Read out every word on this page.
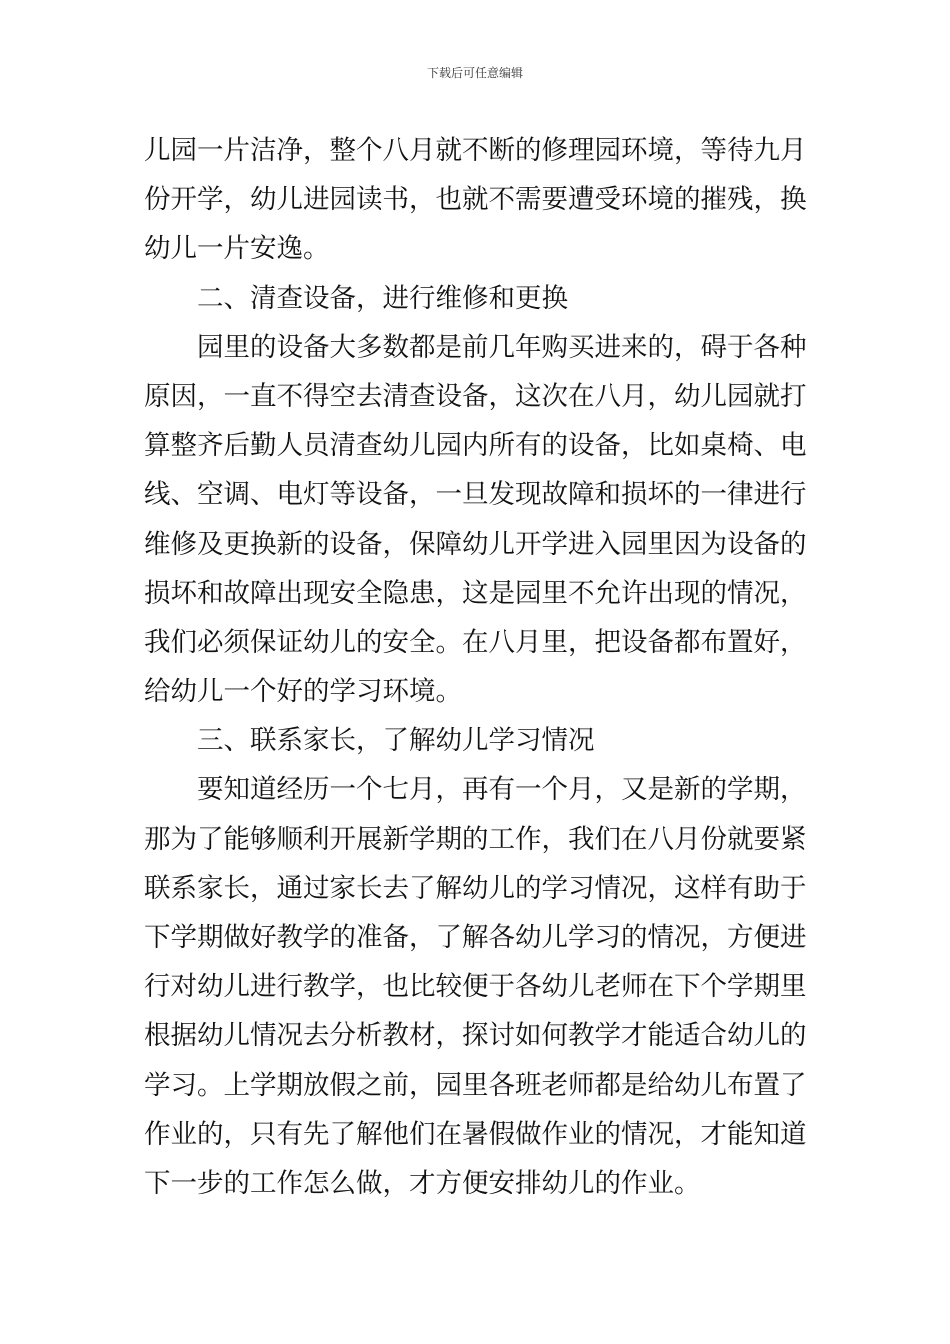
下载后可任意编辑
儿园一片洁净，整个八月就不断的修理园环境，等待九月
份开学，幼儿进园读书，也就不需要遭受环境的摧残，换
幼儿一片安逸。
二、清查设备，进行维修和更换
园里的设备大多数都是前几年购买进来的，碍于各种
原因，一直不得空去清查设备，这次在八月，幼儿园就打
算整齐后勤人员清查幼儿园内所有的设备，比如桌椅、电
线、空调、电灯等设备，一旦发现故障和损坏的一律进行
维修及更换新的设备，保障幼儿开学进入园里因为设备的
损坏和故障出现安全隐患，这是园里不允许出现的情况，
我们必须保证幼儿的安全。在八月里，把设备都布置好，
给幼儿一个好的学习环境。
三、联系家长，了解幼儿学习情况
要知道经历一个七月，再有一个月，又是新的学期，
那为了能够顺利开展新学期的工作，我们在八月份就要紧
联系家长，通过家长去了解幼儿的学习情况，这样有助于
下学期做好教学的准备，了解各幼儿学习的情况，方便进
行对幼儿进行教学，也比较便于各幼儿老师在下个学期里
根据幼儿情况去分析教材，探讨如何教学才能适合幼儿的
学习。上学期放假之前，园里各班老师都是给幼儿布置了
作业的，只有先了解他们在暑假做作业的情况，才能知道
下一步的工作怎么做，才方便安排幼儿的作业。
